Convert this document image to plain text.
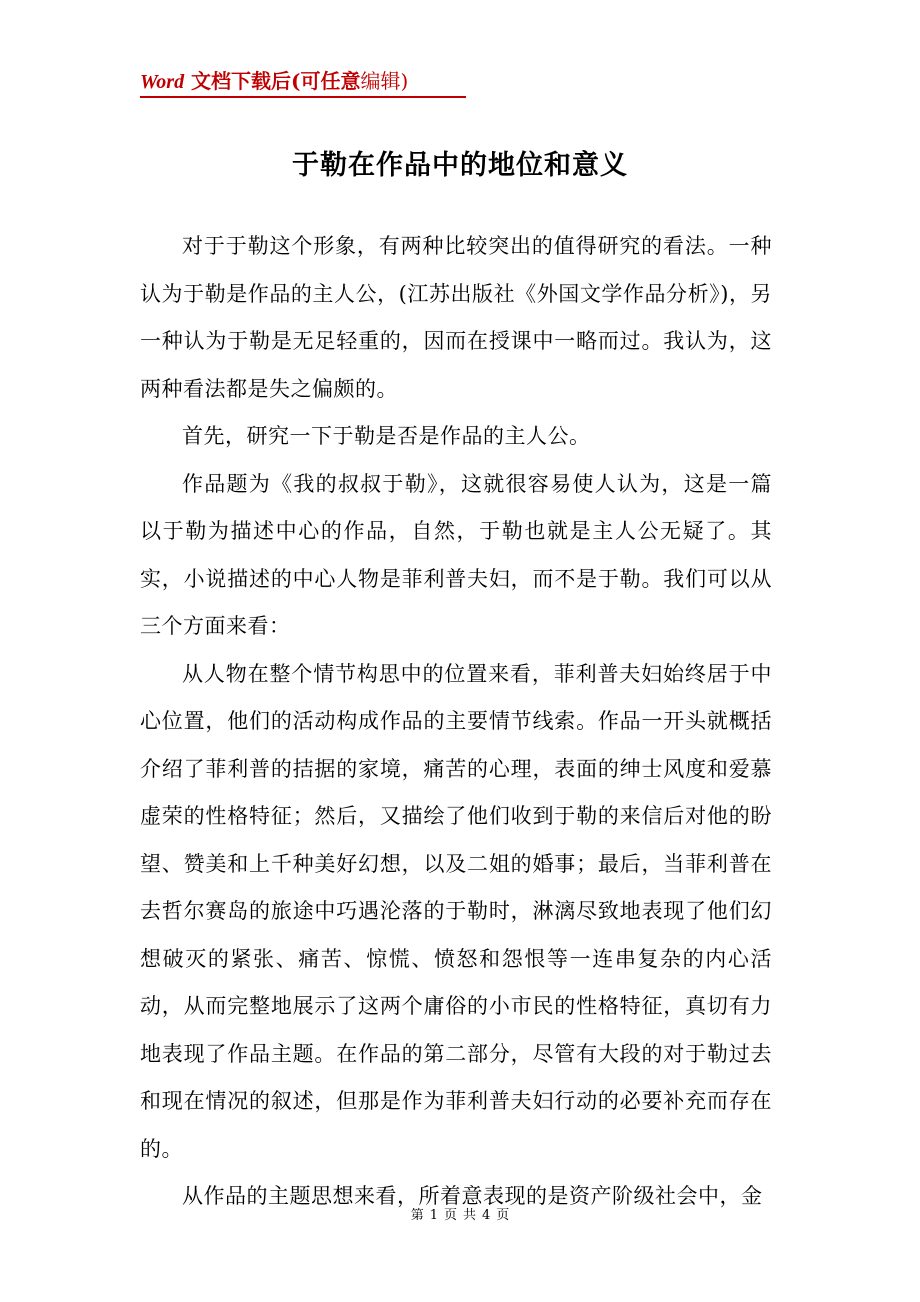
Word 文档下载后(可任意编辑)
于勒在作品中的地位和意义

对于于勒这个形象，有两种比较突出的值得研究的看法。一种认为于勒是作品的主人公，(江苏出版社《外国文学作品分析》)，另一种认为于勒是无足轻重的，因而在授课中一略而过。我认为，这两种看法都是失之偏颇的。

首先，研究一下于勒是否是作品的主人公。

作品题为《我的叔叔于勒》，这就很容易使人认为，这是一篇以于勒为描述中心的作品，自然，于勒也就是主人公无疑了。其实，小说描述的中心人物是菲利普夫妇，而不是于勒。我们可以从三个方面来看：

从人物在整个情节构思中的位置来看，菲利普夫妇始终居于中心位置，他们的活动构成作品的主要情节线索。作品一开头就概括介绍了菲利普的拮据的家境，痛苦的心理，表面的绅士风度和爱慕虚荣的性格特征；然后，又描绘了他们收到于勒的来信后对他的盼望、赞美和上千种美好幻想，以及二姐的婚事；最后，当菲利普在去哲尔赛岛的旅途中巧遇沦落的于勒时，淋漓尽致地表现了他们幻想破灭的紧张、痛苦、惊慌、愤怒和怨恨等一连串复杂的内心活动，从而完整地展示了这两个庸俗的小市民的性格特征，真切有力地表现了作品主题。在作品的第二部分，尽管有大段的对于勒过去和现在情况的叙述，但那是作为菲利普夫妇行动的必要补充而存在的。

从作品的主题思想来看，所着意表现的是资产阶级社会中，金

第 1 页 共 4 页
